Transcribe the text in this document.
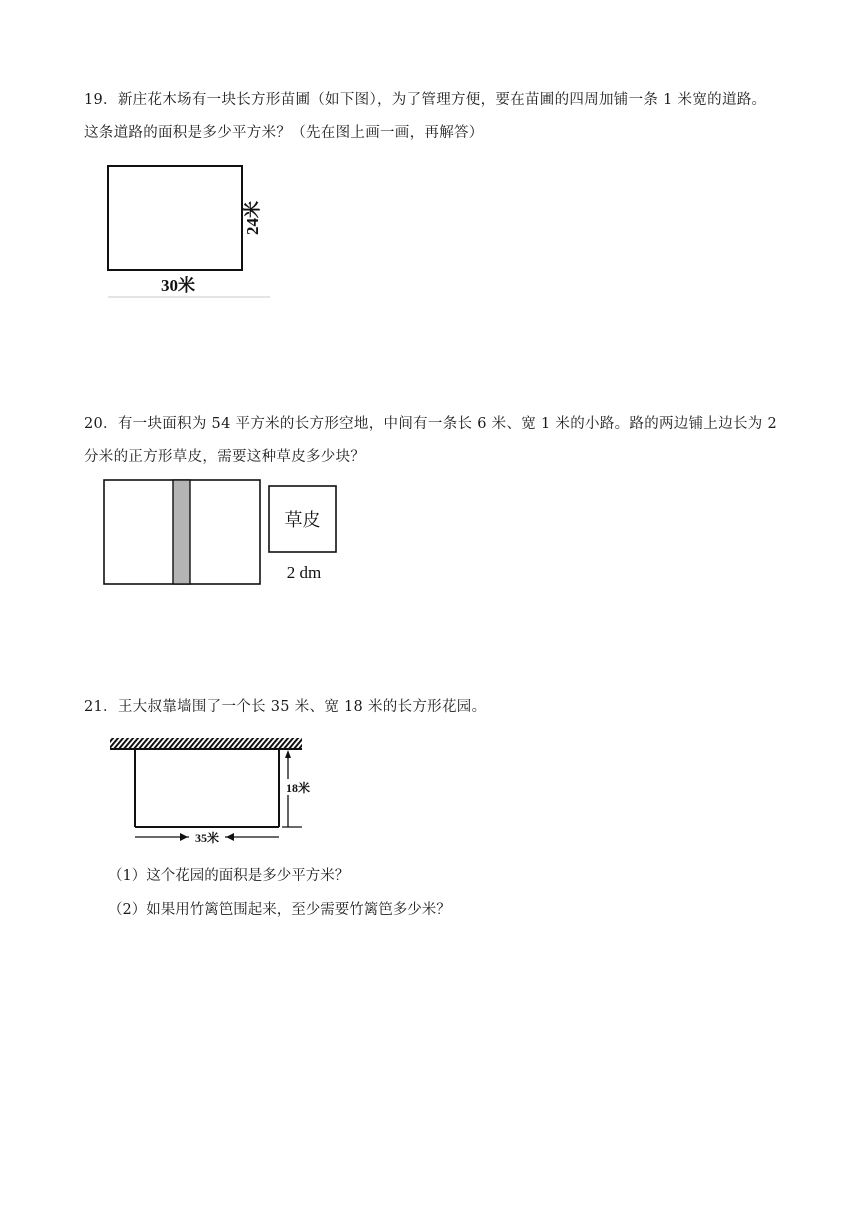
19．新庄花木场有一块长方形苗圃（如下图），为了管理方便，要在苗圃的四周加铺一条 1 米宽的道路。

这条道路的面积是多少平方米？（先在图上画一画，再解答）

24米
30米

20．有一块面积为 54 平方米的长方形空地，中间有一条长 6 米、宽 1 米的小路。路的两边铺上边长为 2

分米的正方形草皮，需要这种草皮多少块？

草皮
2 dm

21．王大叔靠墙围了一个长 35 米、宽 18 米的长方形花园。

18米
35米

（1）这个花园的面积是多少平方米？

（2）如果用竹篱笆围起来，至少需要竹篱笆多少米？
